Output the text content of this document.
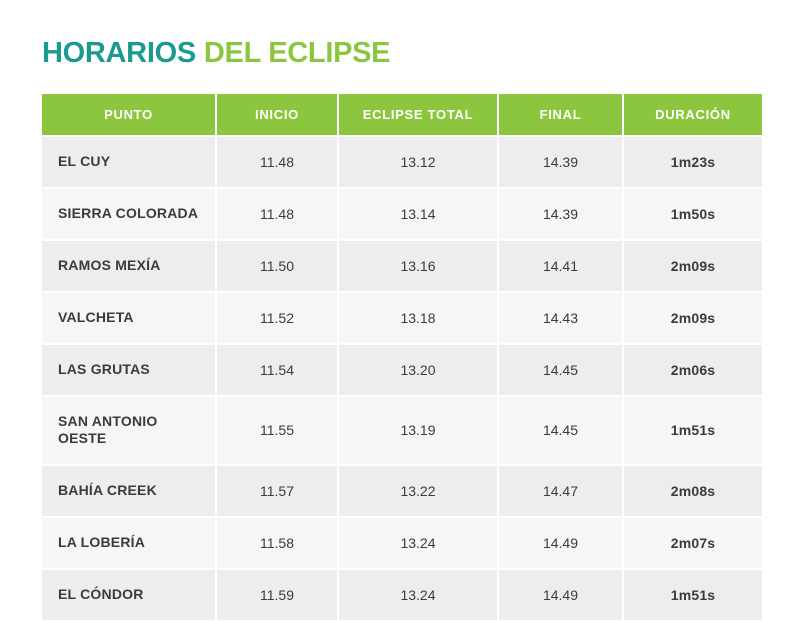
HORARIOS DEL ECLIPSE
PUNTO	INICIO	ECLIPSE TOTAL	FINAL	DURACIÓN
EL CUY	11.48	13.12	14.39	1m23s
SIERRA COLORADA	11.48	13.14	14.39	1m50s
RAMOS MEXÍA	11.50	13.16	14.41	2m09s
VALCHETA	11.52	13.18	14.43	2m09s
LAS GRUTAS	11.54	13.20	14.45	2m06s
SAN ANTONIO OESTE	11.55	13.19	14.45	1m51s
BAHÍA CREEK	11.57	13.22	14.47	2m08s
LA LOBERÍA	11.58	13.24	14.49	2m07s
EL CÓNDOR	11.59	13.24	14.49	1m51s
